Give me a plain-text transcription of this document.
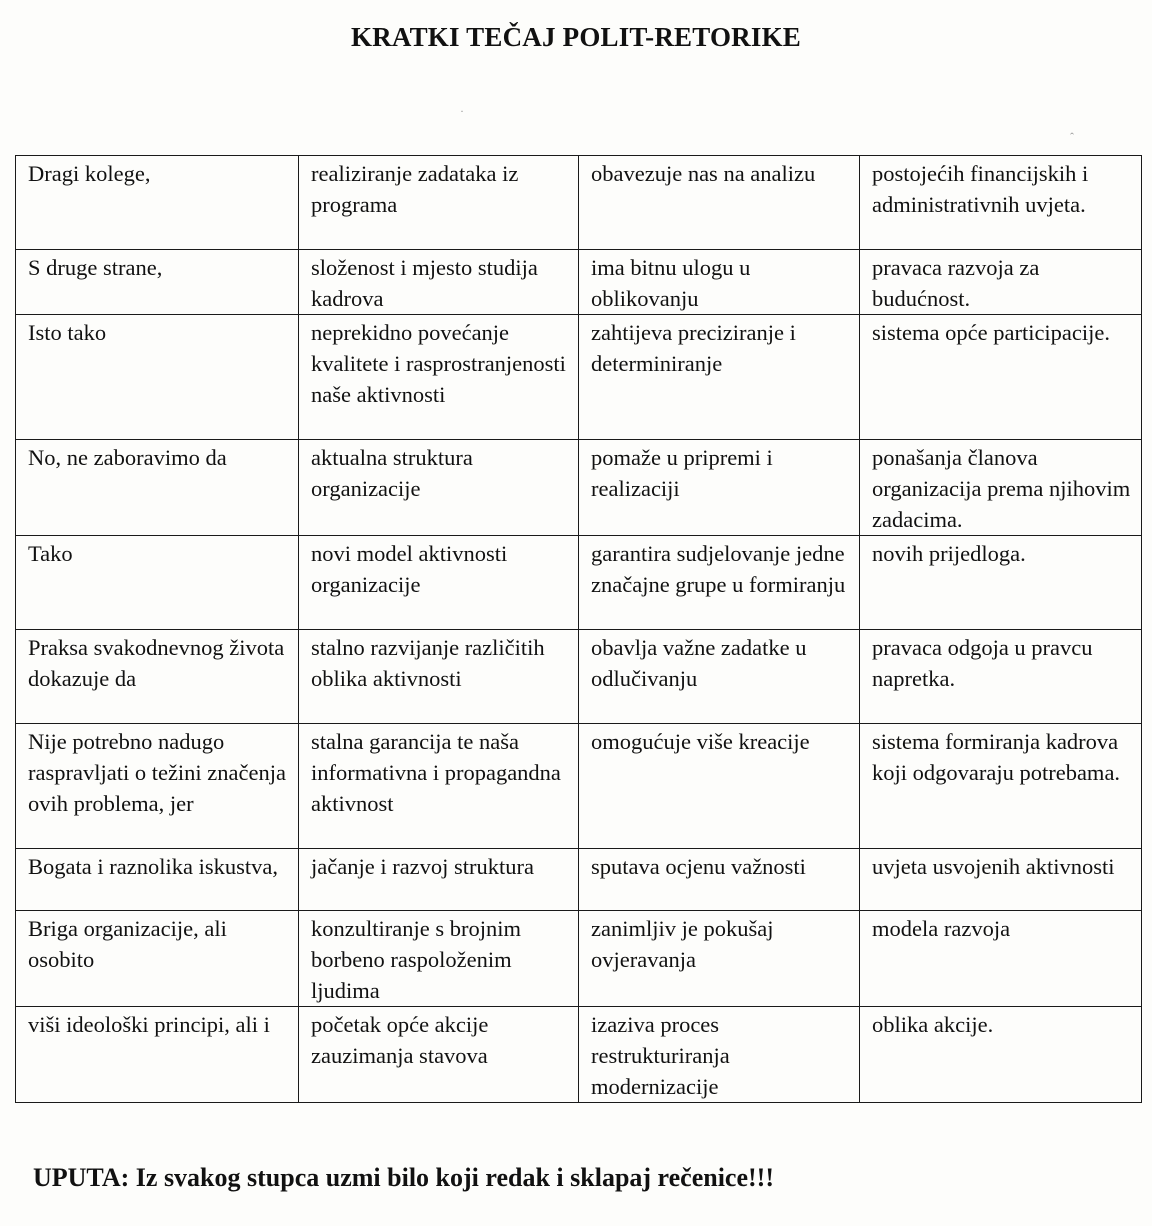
KRATKI TEČAJ POLIT-RETORIKE
·
ˆ
Dragi kolege,	realiziranje zadataka iz programa	obavezuje nas na analizu	postojećih financijskih i administrativnih uvjeta.
S druge strane,	složenost i mjesto studija kadrova	ima bitnu ulogu u oblikovanju	pravaca razvoja za budućnost.
Isto tako	neprekidno povećanje kvalitete i rasprostranjenosti naše aktivnosti	zahtijeva preciziranje i determiniranje	sistema opće participacije.
No, ne zaboravimo da	aktualna struktura organizacije	pomaže u pripremi i realizaciji	ponašanja članova organizacija prema njihovim zadacima.
Tako	novi model aktivnosti organizacije	garantira sudjelovanje jedne značajne grupe u formiranju	novih prijedloga.
Praksa svakodnevnog života dokazuje da	stalno razvijanje različitih oblika aktivnosti	obavlja važne zadatke u odlučivanju	pravaca odgoja u pravcu napretka.
Nije potrebno nadugo raspravljati o težini značenja ovih problema, jer	stalna garancija te naša informativna i propagandna aktivnost	omogućuje više kreacije	sistema formiranja kadrova koji odgovaraju potrebama.
Bogata i raznolika iskustva,	jačanje i razvoj struktura	sputava ocjenu važnosti	uvjeta usvojenih aktivnosti
Briga organizacije, ali osobito	konzultiranje s brojnim borbeno raspoloženim ljudima	zanimljiv je pokušaj ovjeravanja	modela razvoja
viši ideološki principi, ali i	početak opće akcije zauzimanja stavova	izaziva proces restrukturiranja modernizacije	oblika akcije.
UPUTA: Iz svakog stupca uzmi bilo koji redak i sklapaj rečenice!!!
